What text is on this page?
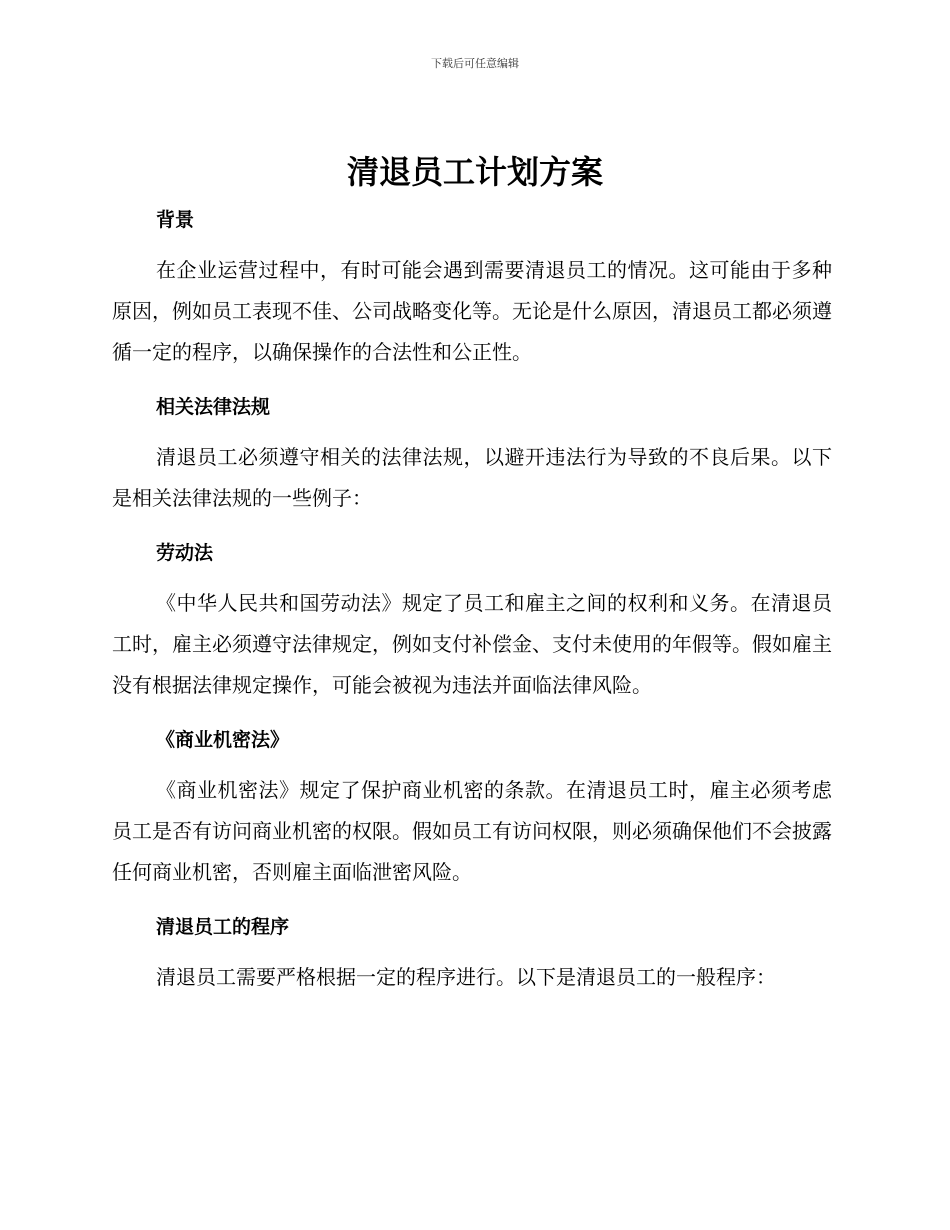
下载后可任意编辑
清退员工计划方案
背景

在企业运营过程中，有时可能会遇到需要清退员工的情况。这可能由于多种原因，例如员工表现不佳、公司战略变化等。无论是什么原因，清退员工都必须遵循一定的程序，以确保操作的合法性和公正性。

相关法律法规

清退员工必须遵守相关的法律法规，以避开违法行为导致的不良后果。以下是相关法律法规的一些例子：

劳动法

《中华人民共和国劳动法》规定了员工和雇主之间的权利和义务。在清退员工时，雇主必须遵守法律规定，例如支付补偿金、支付未使用的年假等。假如雇主没有根据法律规定操作，可能会被视为违法并面临法律风险。

《商业机密法》

《商业机密法》规定了保护商业机密的条款。在清退员工时，雇主必须考虑员工是否有访问商业机密的权限。假如员工有访问权限，则必须确保他们不会披露任何商业机密，否则雇主面临泄密风险。

清退员工的程序

清退员工需要严格根据一定的程序进行。以下是清退员工的一般程序：
